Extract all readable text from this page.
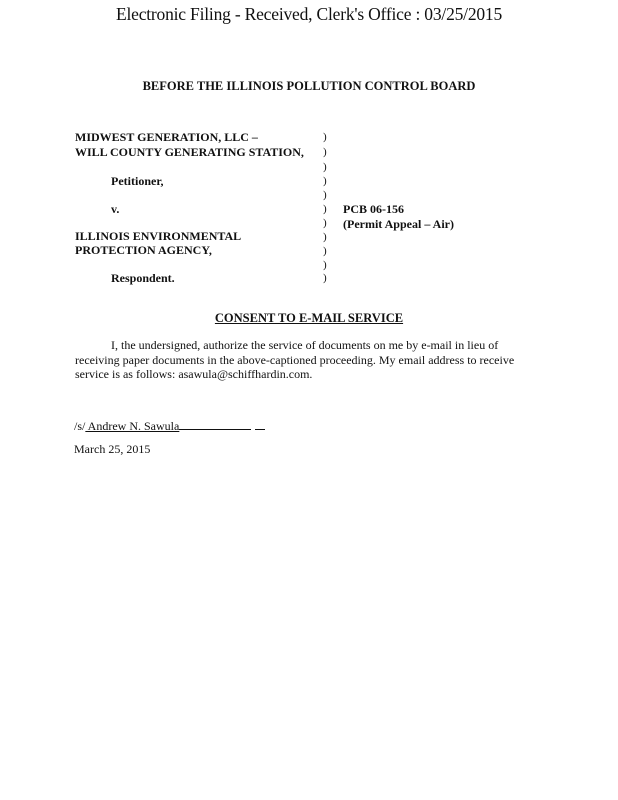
Electronic Filing - Received, Clerk's Office : 03/25/2015
BEFORE THE ILLINOIS POLLUTION CONTROL BOARD
MIDWEST GENERATION, LLC –
WILL COUNTY GENERATING STATION,
Petitioner,
v.
ILLINOIS ENVIRONMENTAL
PROTECTION AGENCY,
Respondent.
)
)
)
)
)
)
)
)
)
)
)
PCB 06-156
(Permit Appeal – Air)
CONSENT TO E-MAIL SERVICE
I, the undersigned, authorize the service of documents on me by e-mail in lieu of receiving paper documents in the above-captioned proceeding. My email address to receive service is as follows: asawula@schiffhardin.com.
/s/ Andrew N. Sawula
March 25, 2015
